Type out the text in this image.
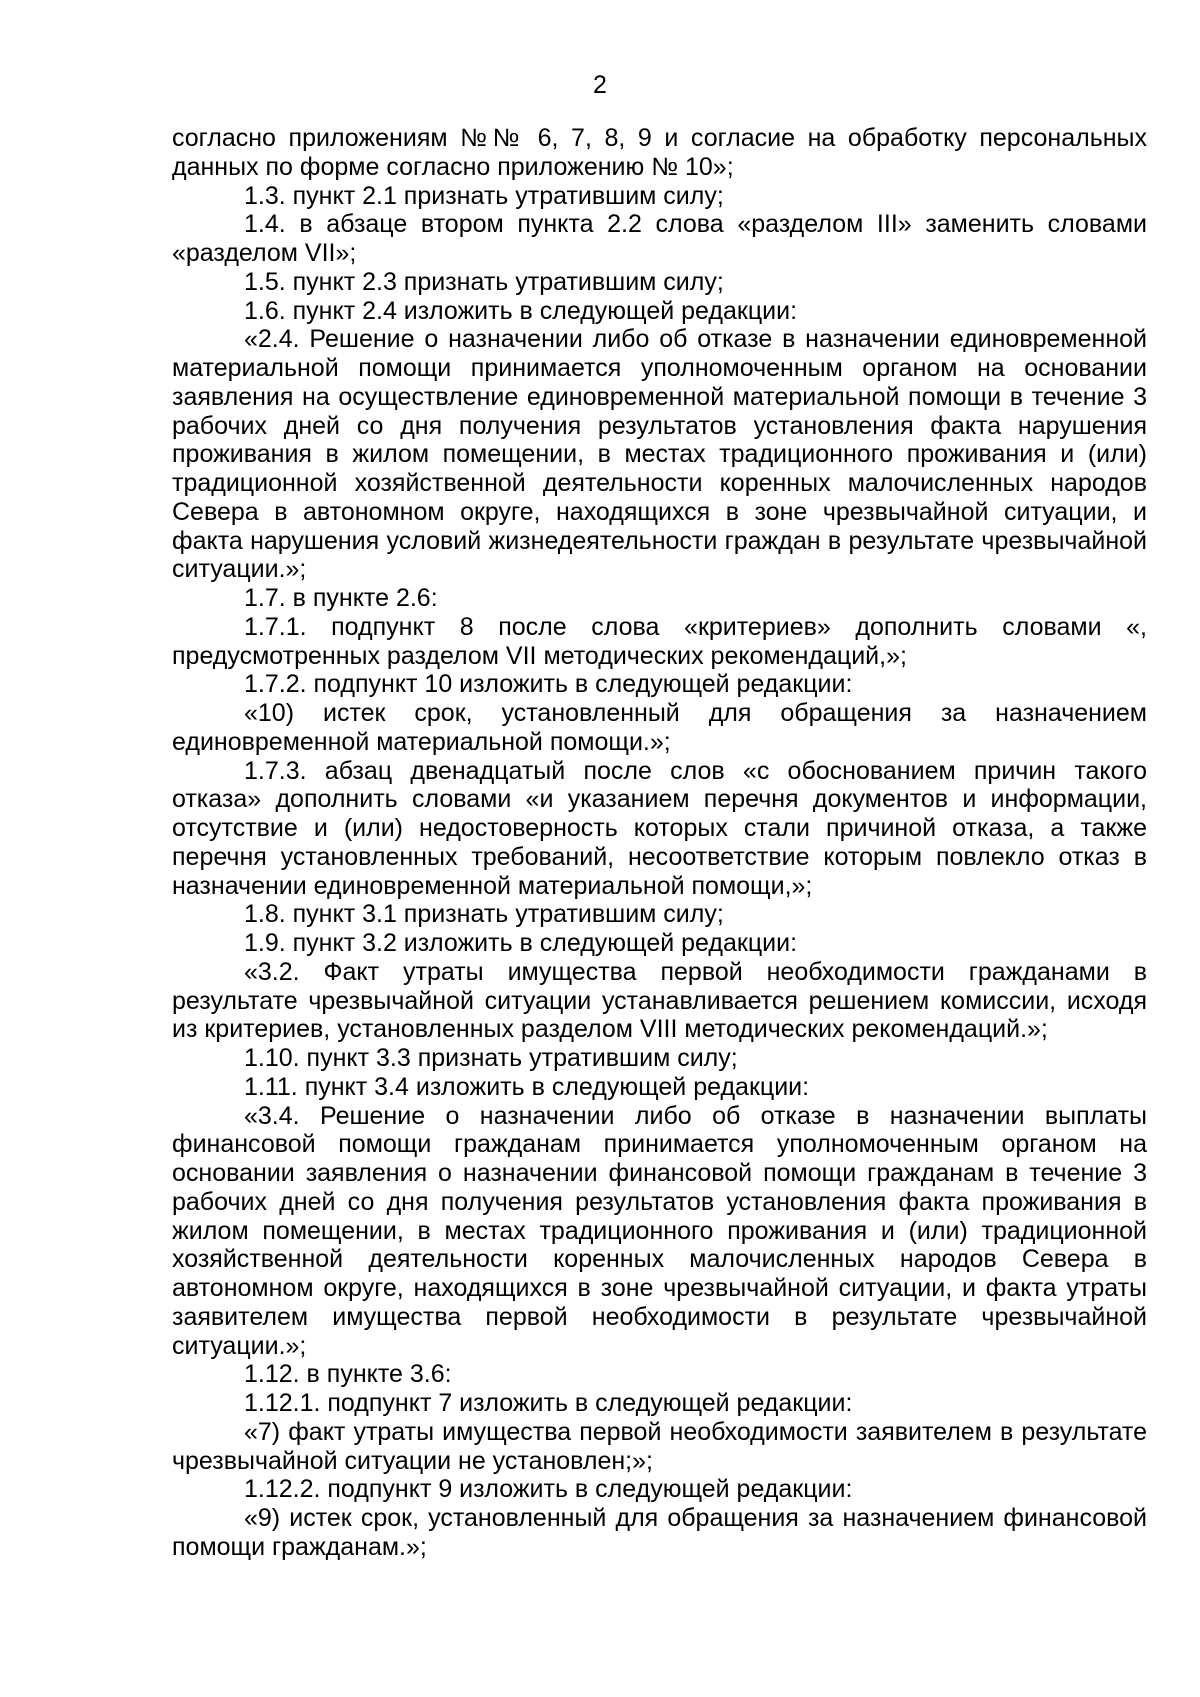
2

согласно приложениям №№ 6, 7, 8, 9 и согласие на обработку персональных данных по форме согласно приложению № 10»;

1.3. пункт 2.1 признать утратившим силу;

1.4. в абзаце втором пункта 2.2 слова «разделом III» заменить словами «разделом VII»;

1.5. пункт 2.3 признать утратившим силу;

1.6. пункт 2.4 изложить в следующей редакции:

«2.4. Решение о назначении либо об отказе в назначении единовременной материальной помощи принимается уполномоченным органом на основании заявления на осуществление единовременной материальной помощи в течение 3 рабочих дней со дня получения результатов установления факта нарушения проживания в жилом помещении, в местах традиционного проживания и (или) традиционной хозяйственной деятельности коренных малочисленных народов Севера в автономном округе, находящихся в зоне чрезвычайной ситуации, и факта нарушения условий жизнедеятельности граждан в результате чрезвычайной ситуации.»;

1.7. в пункте 2.6:

1.7.1. подпункт 8 после слова «критериев» дополнить словами «, предусмотренных разделом VII методических рекомендаций,»;

1.7.2. подпункт 10 изложить в следующей редакции:

«10) истек срок, установленный для обращения за назначением единовременной материальной помощи.»;

1.7.3. абзац двенадцатый после слов «с обоснованием причин такого отказа» дополнить словами «и указанием перечня документов и информации, отсутствие и (или) недостоверность которых стали причиной отказа, а также перечня установленных требований, несоответствие которым повлекло отказ в назначении единовременной материальной помощи,»;

1.8. пункт 3.1 признать утратившим силу;

1.9. пункт 3.2 изложить в следующей редакции:

«3.2. Факт утраты имущества первой необходимости гражданами в результате чрезвычайной ситуации устанавливается решением комиссии, исходя из критериев, установленных разделом VIII методических рекомендаций.»;

1.10. пункт 3.3 признать утратившим силу;

1.11. пункт 3.4 изложить в следующей редакции:

«3.4. Решение о назначении либо об отказе в назначении выплаты финансовой помощи гражданам принимается уполномоченным органом на основании заявления о назначении финансовой помощи гражданам в течение 3 рабочих дней со дня получения результатов установления факта проживания в жилом помещении, в местах традиционного проживания и (или) традиционной хозяйственной деятельности коренных малочисленных народов Севера в автономном округе, находящихся в зоне чрезвычайной ситуации, и факта утраты заявителем имущества первой необходимости в результате чрезвычайной ситуации.»;

1.12. в пункте 3.6:

1.12.1. подпункт 7 изложить в следующей редакции:

«7) факт утраты имущества первой необходимости заявителем в результате чрезвычайной ситуации не установлен;»;

1.12.2. подпункт 9 изложить в следующей редакции:

«9) истек срок, установленный для обращения за назначением финансовой помощи гражданам.»;
